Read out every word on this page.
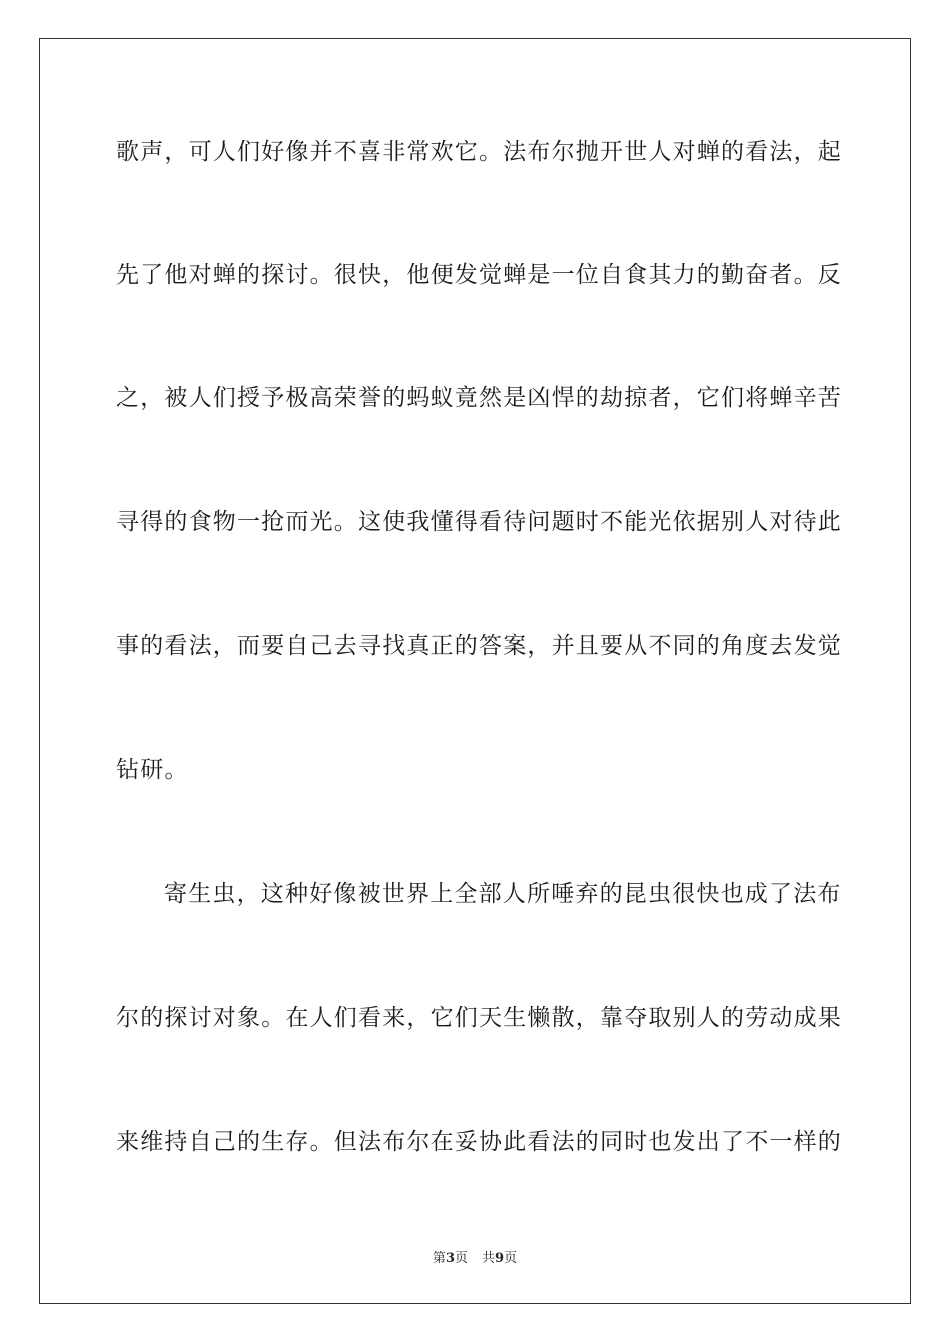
歌声，可人们好像并不喜非常欢它。法布尔抛开世人对蝉的看法，起
先了他对蝉的探讨。很快，他便发觉蝉是一位自食其力的勤奋者。反
之，被人们授予极高荣誉的蚂蚁竟然是凶悍的劫掠者，它们将蝉辛苦
寻得的食物一抢而光。这使我懂得看待问题时不能光依据别人对待此
事的看法，而要自己去寻找真正的答案，并且要从不同的角度去发觉
钻研。
寄生虫，这种好像被世界上全部人所唾弃的昆虫很快也成了法布
尔的探讨对象。在人们看来，它们天生懒散，靠夺取别人的劳动成果
来维持自己的生存。但法布尔在妥协此看法的同时也发出了不一样的
第3页 共9页
